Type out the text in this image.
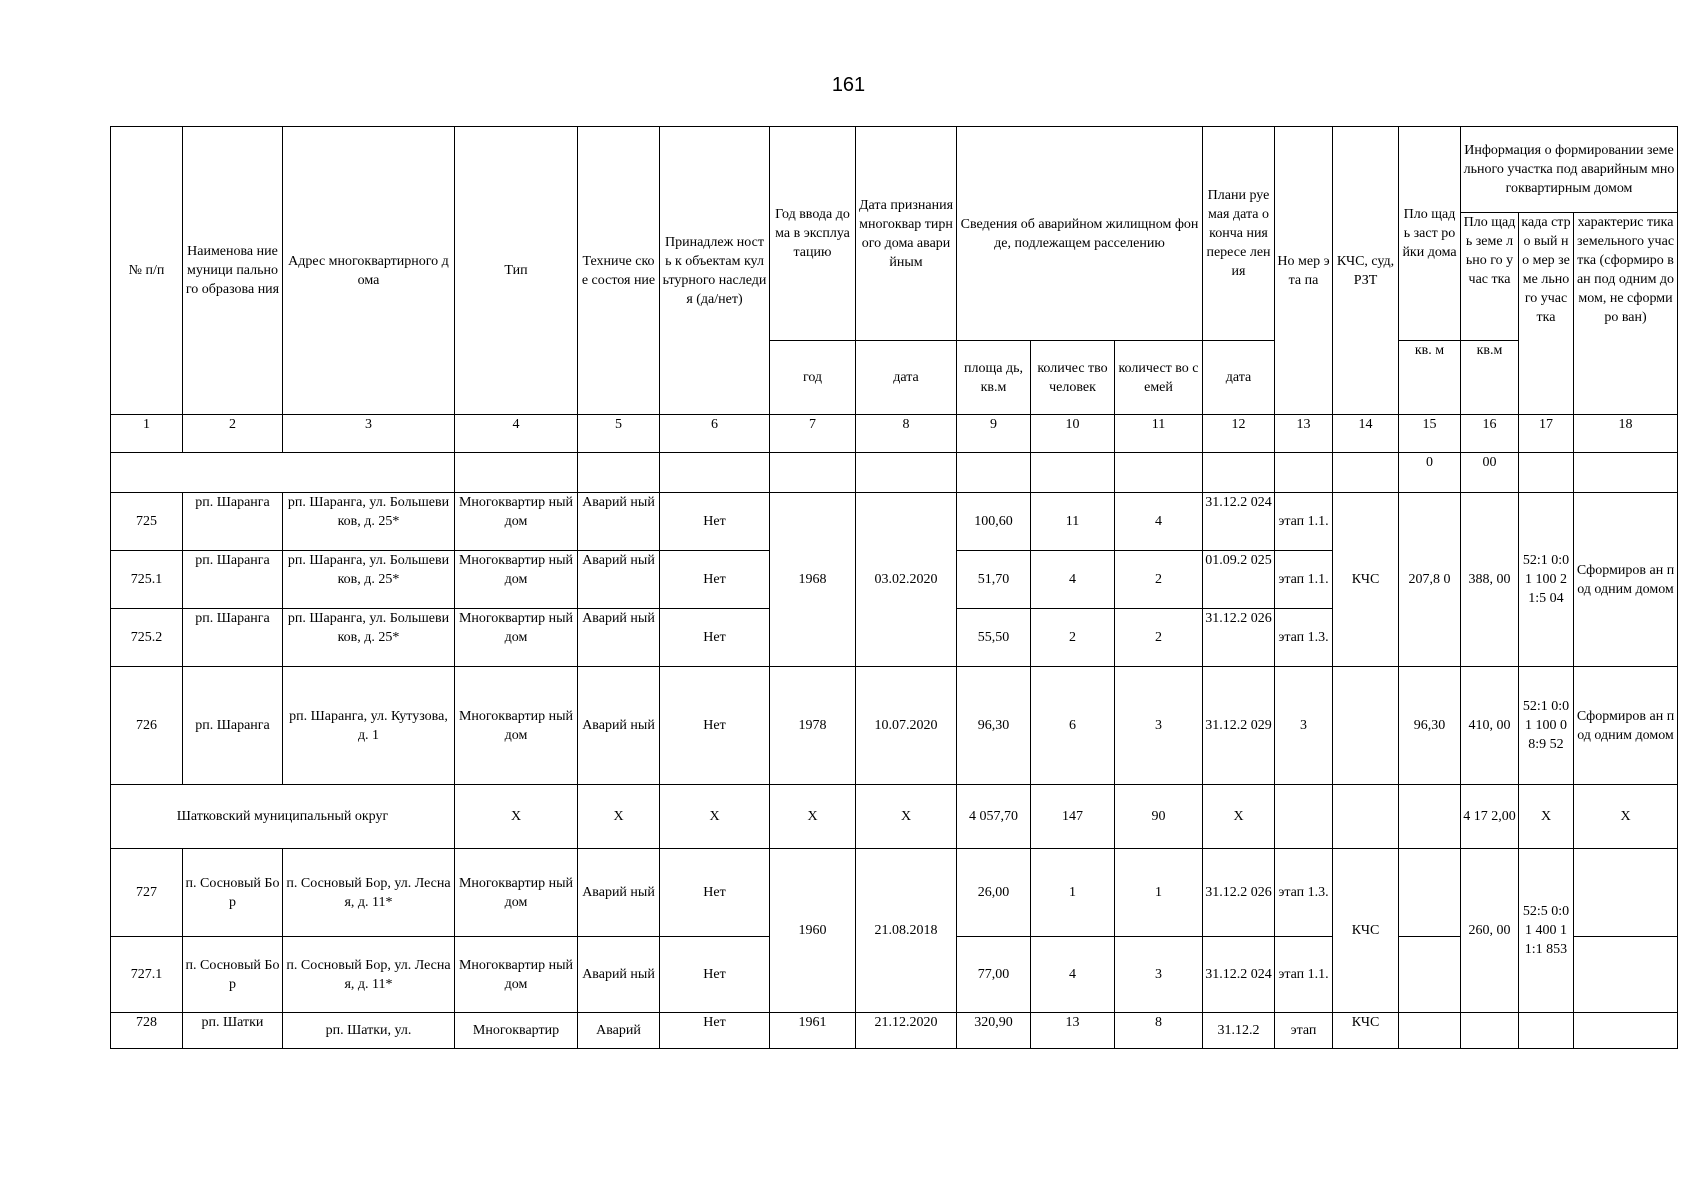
161
№ п/п	Наименова ние муници пального образова ния	Адрес многоквартирного дома	Тип	Техниче ское состоя ние	Принадлеж ность к объектам культурного наследия (да/нет)	Год ввода дома в эксплуа тацию	Дата признания многоквар тирного дома аварийным	Сведения об аварийном жилищном фонде, подлежащем расселению			Плани руемая дата оконча ния пересе ления	Но мер эта па	КЧС, суд, РЗТ	Пло щадь заст ройки дома	Информация о формировании земельного участка под аварийным многоквартирным домом		
															Пло щадь земе льно го учас тка	када стро вый но мер земе льно го учас тка	характерис тика земельного участка (сформиро ван под одним домом, не сформиро ван)
						год	дата	площа дь, кв.м	количес тво человек	количест во семей	дата			кв. м	кв.м		
1	2	3	4	5	6	7	8	9	10	11	12	13	14	15	16	17	18
														0	00		
725	рп. Шаранга	рп. Шаранга, ул. Большевиков, д. 25*	Многоквартир ный дом	Аварий ный	Нет	1968	03.02.2020	100,60	11	4	31.12.2 024	этап 1.1.	КЧС	207,8 0	388, 00	52:1 0:01 100 21:5 04	Сформиров ан под одним домом
725.1	рп. Шаранга	рп. Шаранга, ул. Большевиков, д. 25*	Многоквартир ный дом	Аварий ный	Нет			51,70	4	2	01.09.2 025	этап 1.1.					
725.2	рп. Шаранга	рп. Шаранга, ул. Большевиков, д. 25*	Многоквартир ный дом	Аварий ный	Нет			55,50	2	2	31.12.2 026	этап 1.3.					
726	рп. Шаранга	рп. Шаранга, ул. Кутузова, д. 1	Многоквартир ный дом	Аварий ный	Нет	1978	10.07.2020	96,30	6	3	31.12.2 029	3		96,30	410, 00	52:1 0:01 100 08:9 52	Сформиров ан под одним домом
Шатковский муниципальный округ			X	X	X	X	X	4 057,70	147	90	X				4 17 2,00	X	X
727	п. Сосновый Бор	п. Сосновый Бор, ул. Лесная, д. 11*	Многоквартир ный дом	Аварий ный	Нет	1960	21.08.2018	26,00	1	1	31.12.2 026	этап 1.3.	КЧС		260, 00	52:5 0:01 400 11:1 853	

727.1	п. Сосновый Бор	п. Сосновый Бор, ул. Лесная, д. 11*	Многоквартир ный дом	Аварий ный	Нет			77,00	4	3	31.12.2 024	этап 1.1.					

728	рп. Шатки	рп. Шатки, ул.	Многоквартир	Аварий	Нет	1961	21.12.2020	320,90	13	8	31.12.2	этап	КЧС				
